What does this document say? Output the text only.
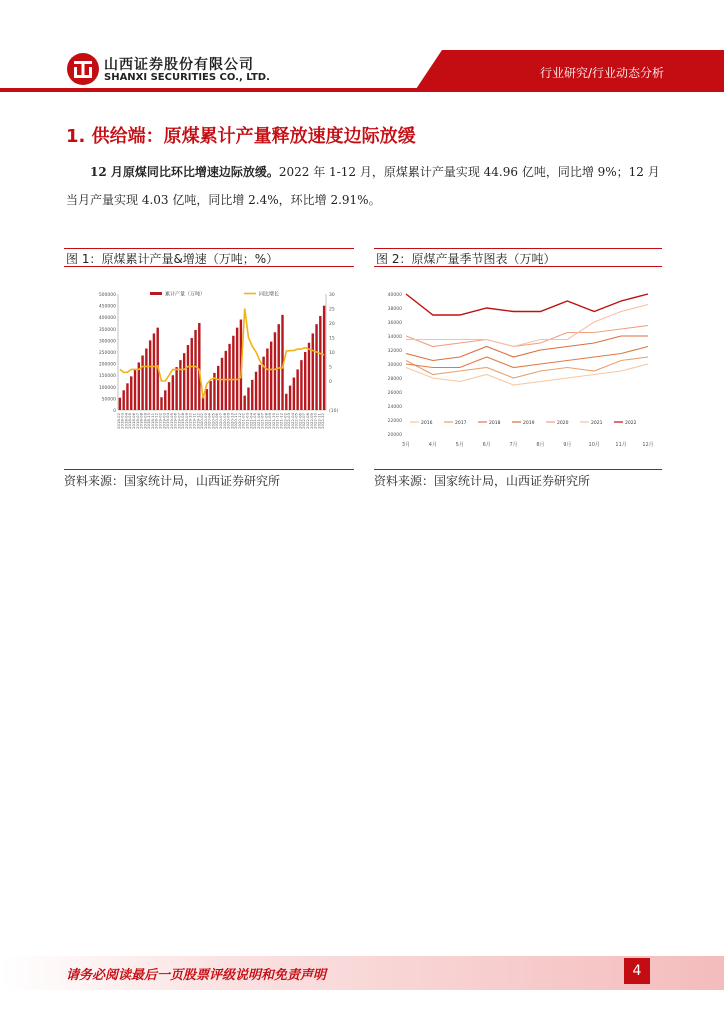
山西证券股份有限公司
SHANXI SECURITIES CO., LTD.	行业研究/行业动态分析
1. 供给端：原煤累计产量释放速度边际放缓
12 月原煤同比环比增速边际放缓。2022 年 1-12 月，原煤累计产量实现 44.96 亿吨，同比增 9%；12 月当月产量实现 4.03 亿吨，同比增 2.4%，环比增 2.91%。
图 1：原煤累计产量&增速（万吨；%）
0
50000
100000
150000
200000
250000
300000
350000
400000
450000
500000
(10)
0
5
10
15
20
25
30
2018-02
2018-03
2018-04
2018-05
2018-06
2018-07
2018-08
2018-09
2018-10
2018-11
2018-12
2019-02
2019-03
2019-04
2019-05
2019-06
2019-07
2019-08
2019-09
2019-10
2019-11
2019-12
2020-02
2020-03
2020-04
2020-05
2020-06
2020-07
2020-08
2020-09
2020-10
2020-11
2020-12
2021-02
2021-03
2021-04
2021-05
2021-06
2021-07
2021-08
2021-09
2021-10
2021-11
2021-12
2022-02
2022-03
2022-04
2022-05
2022-06
2022-07
2022-08
2022-09
2022-10
2022-11
2022-12
累计产量（万吨）	同比增长
资料来源：国家统计局，山西证券研究所
图 2：原煤产量季节图表（万吨）
20000
22000
24000
26000
28000
30000
32000
34000
36000
38000
40000
3月	4月	5月	6月	7月	8月	9月	10月	11月	12月
2016	2017	2018	2019	2020	2021	2022
资料来源：国家统计局，山西证券研究所
请务必阅读最后一页股票评级说明和免责声明	4
